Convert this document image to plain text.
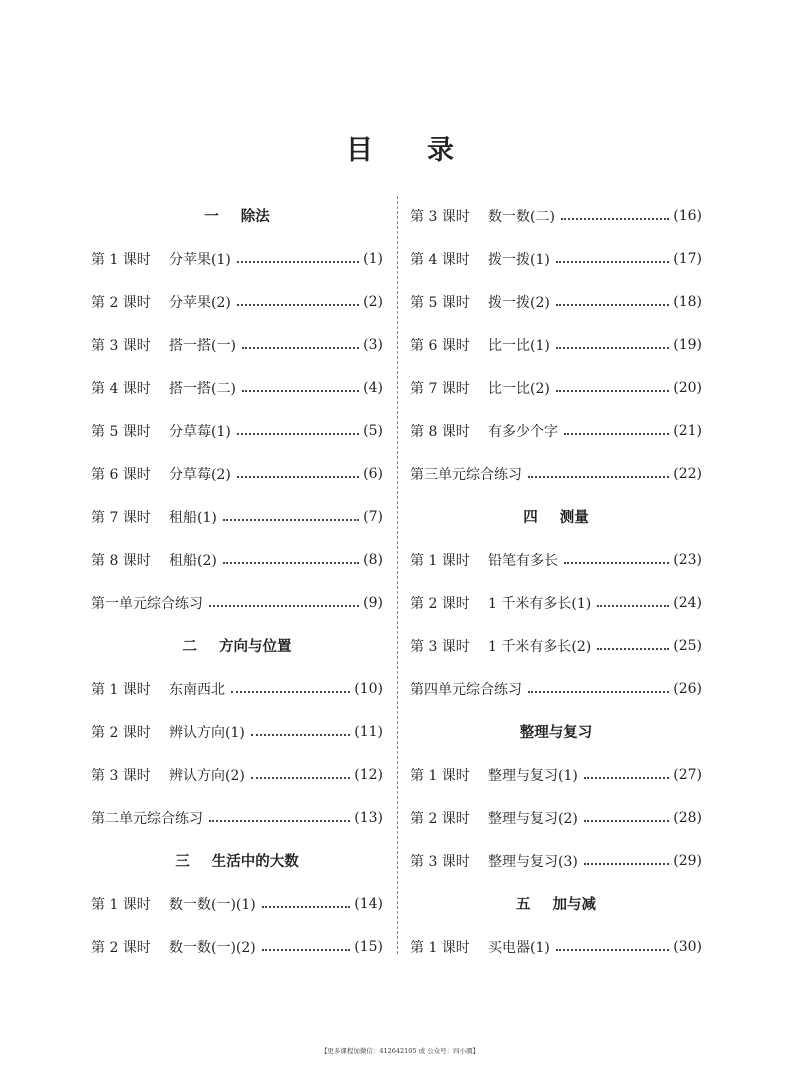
目 录
一 除法
第 1 课时	分苹果(1)	(1)
第 2 课时	分苹果(2)	(2)
第 3 课时	搭一搭(一)	(3)
第 4 课时	搭一搭(二)	(4)
第 5 课时	分草莓(1)	(5)
第 6 课时	分草莓(2)	(6)
第 7 课时	租船(1)	(7)
第 8 课时	租船(2)	(8)
第一单元综合练习	(9)
二 方向与位置
第 1 课时	东南西北	(10)
第 2 课时	辨认方向(1)	(11)
第 3 课时	辨认方向(2)	(12)
第二单元综合练习	(13)
三 生活中的大数
第 1 课时	数一数(一)(1)	(14)
第 2 课时	数一数(一)(2)	(15)
第 3 课时	数一数(二)	(16)
第 4 课时	拨一拨(1)	(17)
第 5 课时	拨一拨(2)	(18)
第 6 课时	比一比(1)	(19)
第 7 课时	比一比(2)	(20)
第 8 课时	有多少个字	(21)
第三单元综合练习	(22)
四 测量
第 1 课时	铅笔有多长	(23)
第 2 课时	1 千米有多长(1)	(24)
第 3 课时	1 千米有多长(2)	(25)
第四单元综合练习	(26)
整理与复习
第 1 课时	整理与复习(1)	(27)
第 2 课时	整理与复习(2)	(28)
第 3 课时	整理与复习(3)	(29)
五 加与减
第 1 课时	买电器(1)	(30)
【更多课程加微信：412642105 或 公众号：四小圈】
